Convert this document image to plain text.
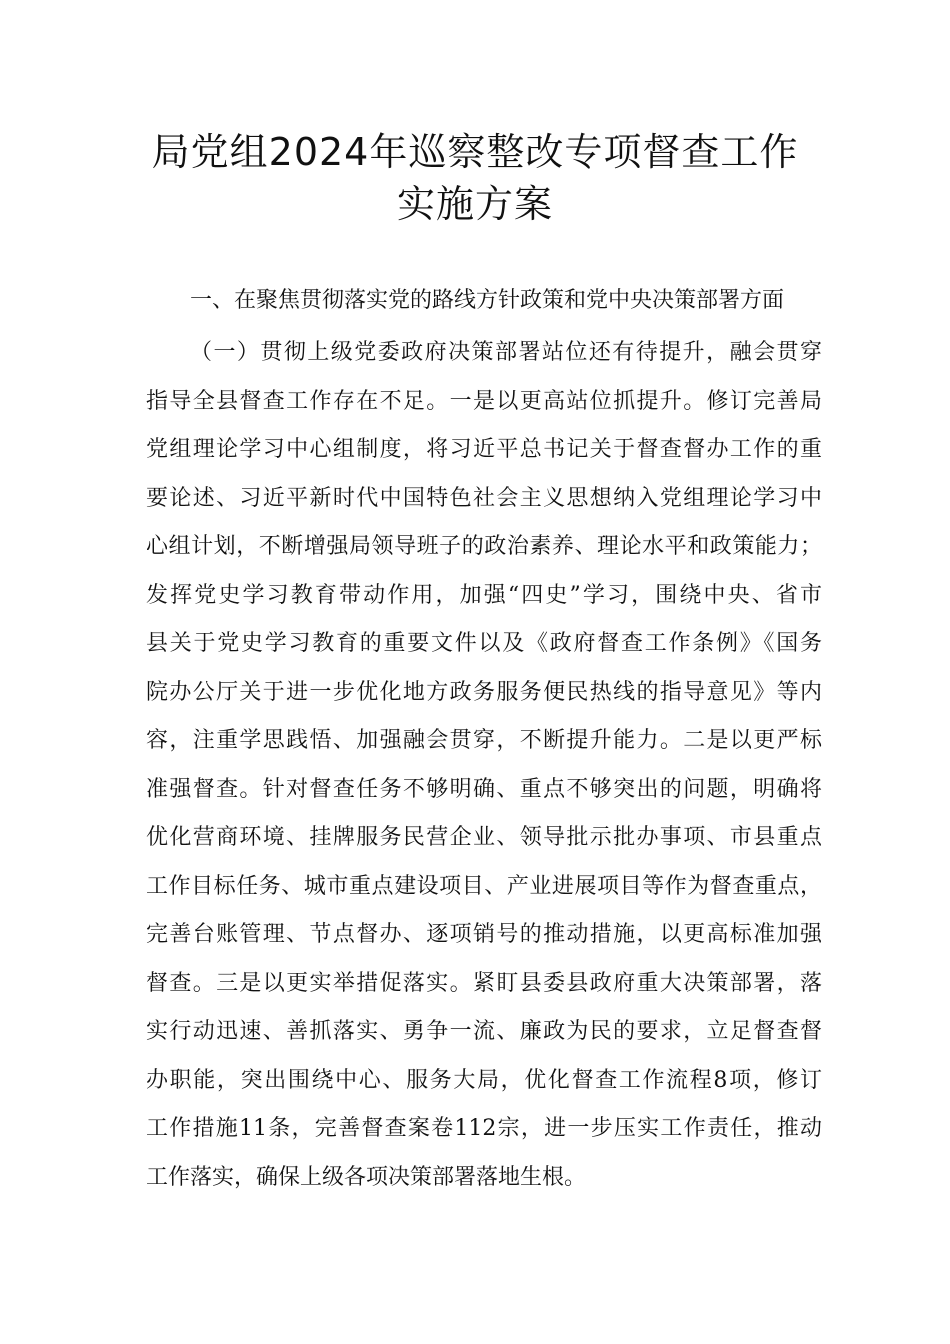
局党组2024年巡察整改专项督查工作
实施方案
一、在聚焦贯彻落实党的路线方针政策和党中央决策部署方面
（一）贯彻上级党委政府决策部署站位还有待提升，融会贯穿
指导全县督查工作存在不足。一是以更高站位抓提升。修订完善局
党组理论学习中心组制度，将习近平总书记关于督查督办工作的重
要论述、习近平新时代中国特色社会主义思想纳入党组理论学习中
心组计划，不断增强局领导班子的政治素养、理论水平和政策能力；
发挥党史学习教育带动作用，加强“四史”学习，围绕中央、省市
县关于党史学习教育的重要文件以及《政府督查工作条例》《国务
院办公厅关于进一步优化地方政务服务便民热线的指导意见》等内
容，注重学思践悟、加强融会贯穿，不断提升能力。二是以更严标
准强督查。针对督查任务不够明确、重点不够突出的问题，明确将
优化营商环境、挂牌服务民营企业、领导批示批办事项、市县重点
工作目标任务、城市重点建设项目、产业进展项目等作为督查重点，
完善台账管理、节点督办、逐项销号的推动措施，以更高标准加强
督查。三是以更实举措促落实。紧盯县委县政府重大决策部署，落
实行动迅速、善抓落实、勇争一流、廉政为民的要求，立足督查督
办职能，突出围绕中心、服务大局，优化督查工作流程8项，修订
工作措施11条，完善督查案卷112宗，进一步压实工作责任，推动
工作落实，确保上级各项决策部署落地生根。
